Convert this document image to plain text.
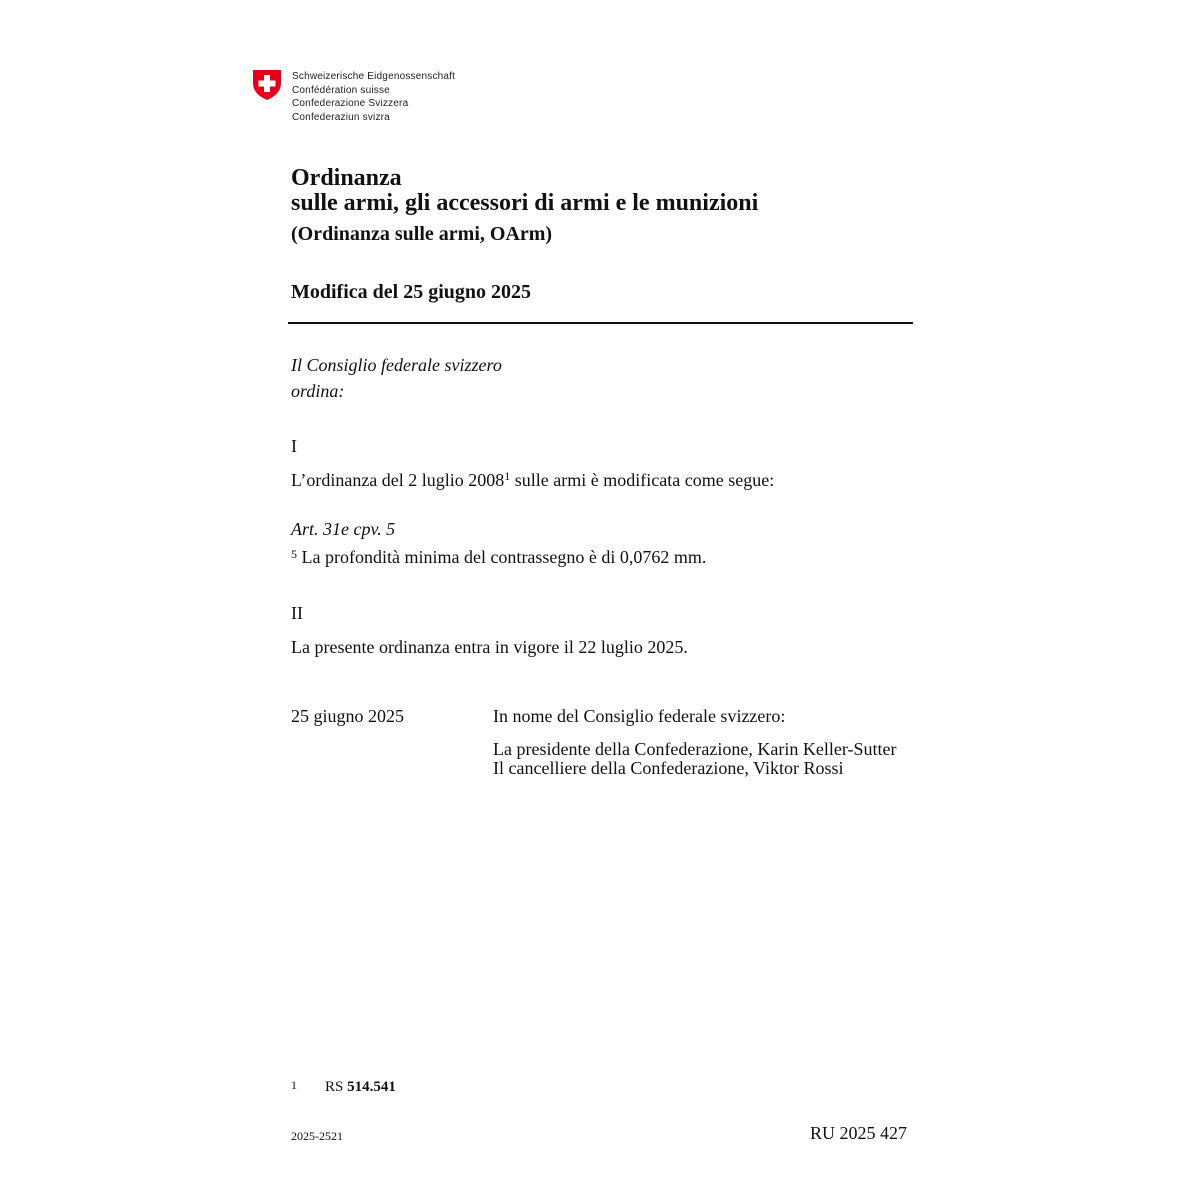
Schweizerische Eidgenossenschaft
Confédération suisse
Confederazione Svizzera
Confederaziun svizra
Ordinanza
sulle armi, gli accessori di armi e le munizioni
(Ordinanza sulle armi, OArm)
Modifica del 25 giugno 2025
Il Consiglio federale svizzero
ordina:
I
L’ordinanza del 2 luglio 2008$^1$ sulle armi è modificata come segue:
Art. 31e cpv. 5
$^5$ La profondità minima del contrassegno è di 0,0762 mm.
II
La presente ordinanza entra in vigore il 22 luglio 2025.
25 giugno 2025	In nome del Consiglio federale svizzero:
La presidente della Confederazione, Karin Keller-Sutter
Il cancelliere della Confederazione, Viktor Rossi
1 RS 514.541
2025-2521	RU 2025 427
